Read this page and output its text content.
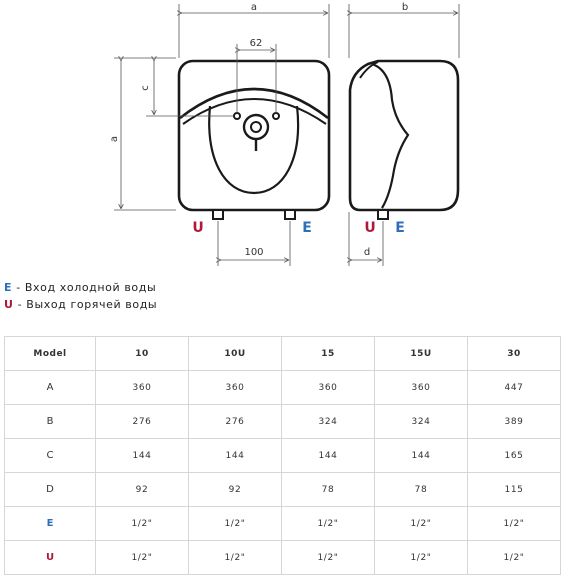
a	b
62
a
c
100	d
U	E	U E
E - Вход холодной воды
U - Выход горячей воды
Model	10	10U	15	15U	30
A	360	360	360	360	447
B	276	276	324	324	389
C	144	144	144	144	165
D	92	92	78	78	115
E	1/2"	1/2"	1/2"	1/2"	1/2"
U	1/2"	1/2"	1/2"	1/2"	1/2"
